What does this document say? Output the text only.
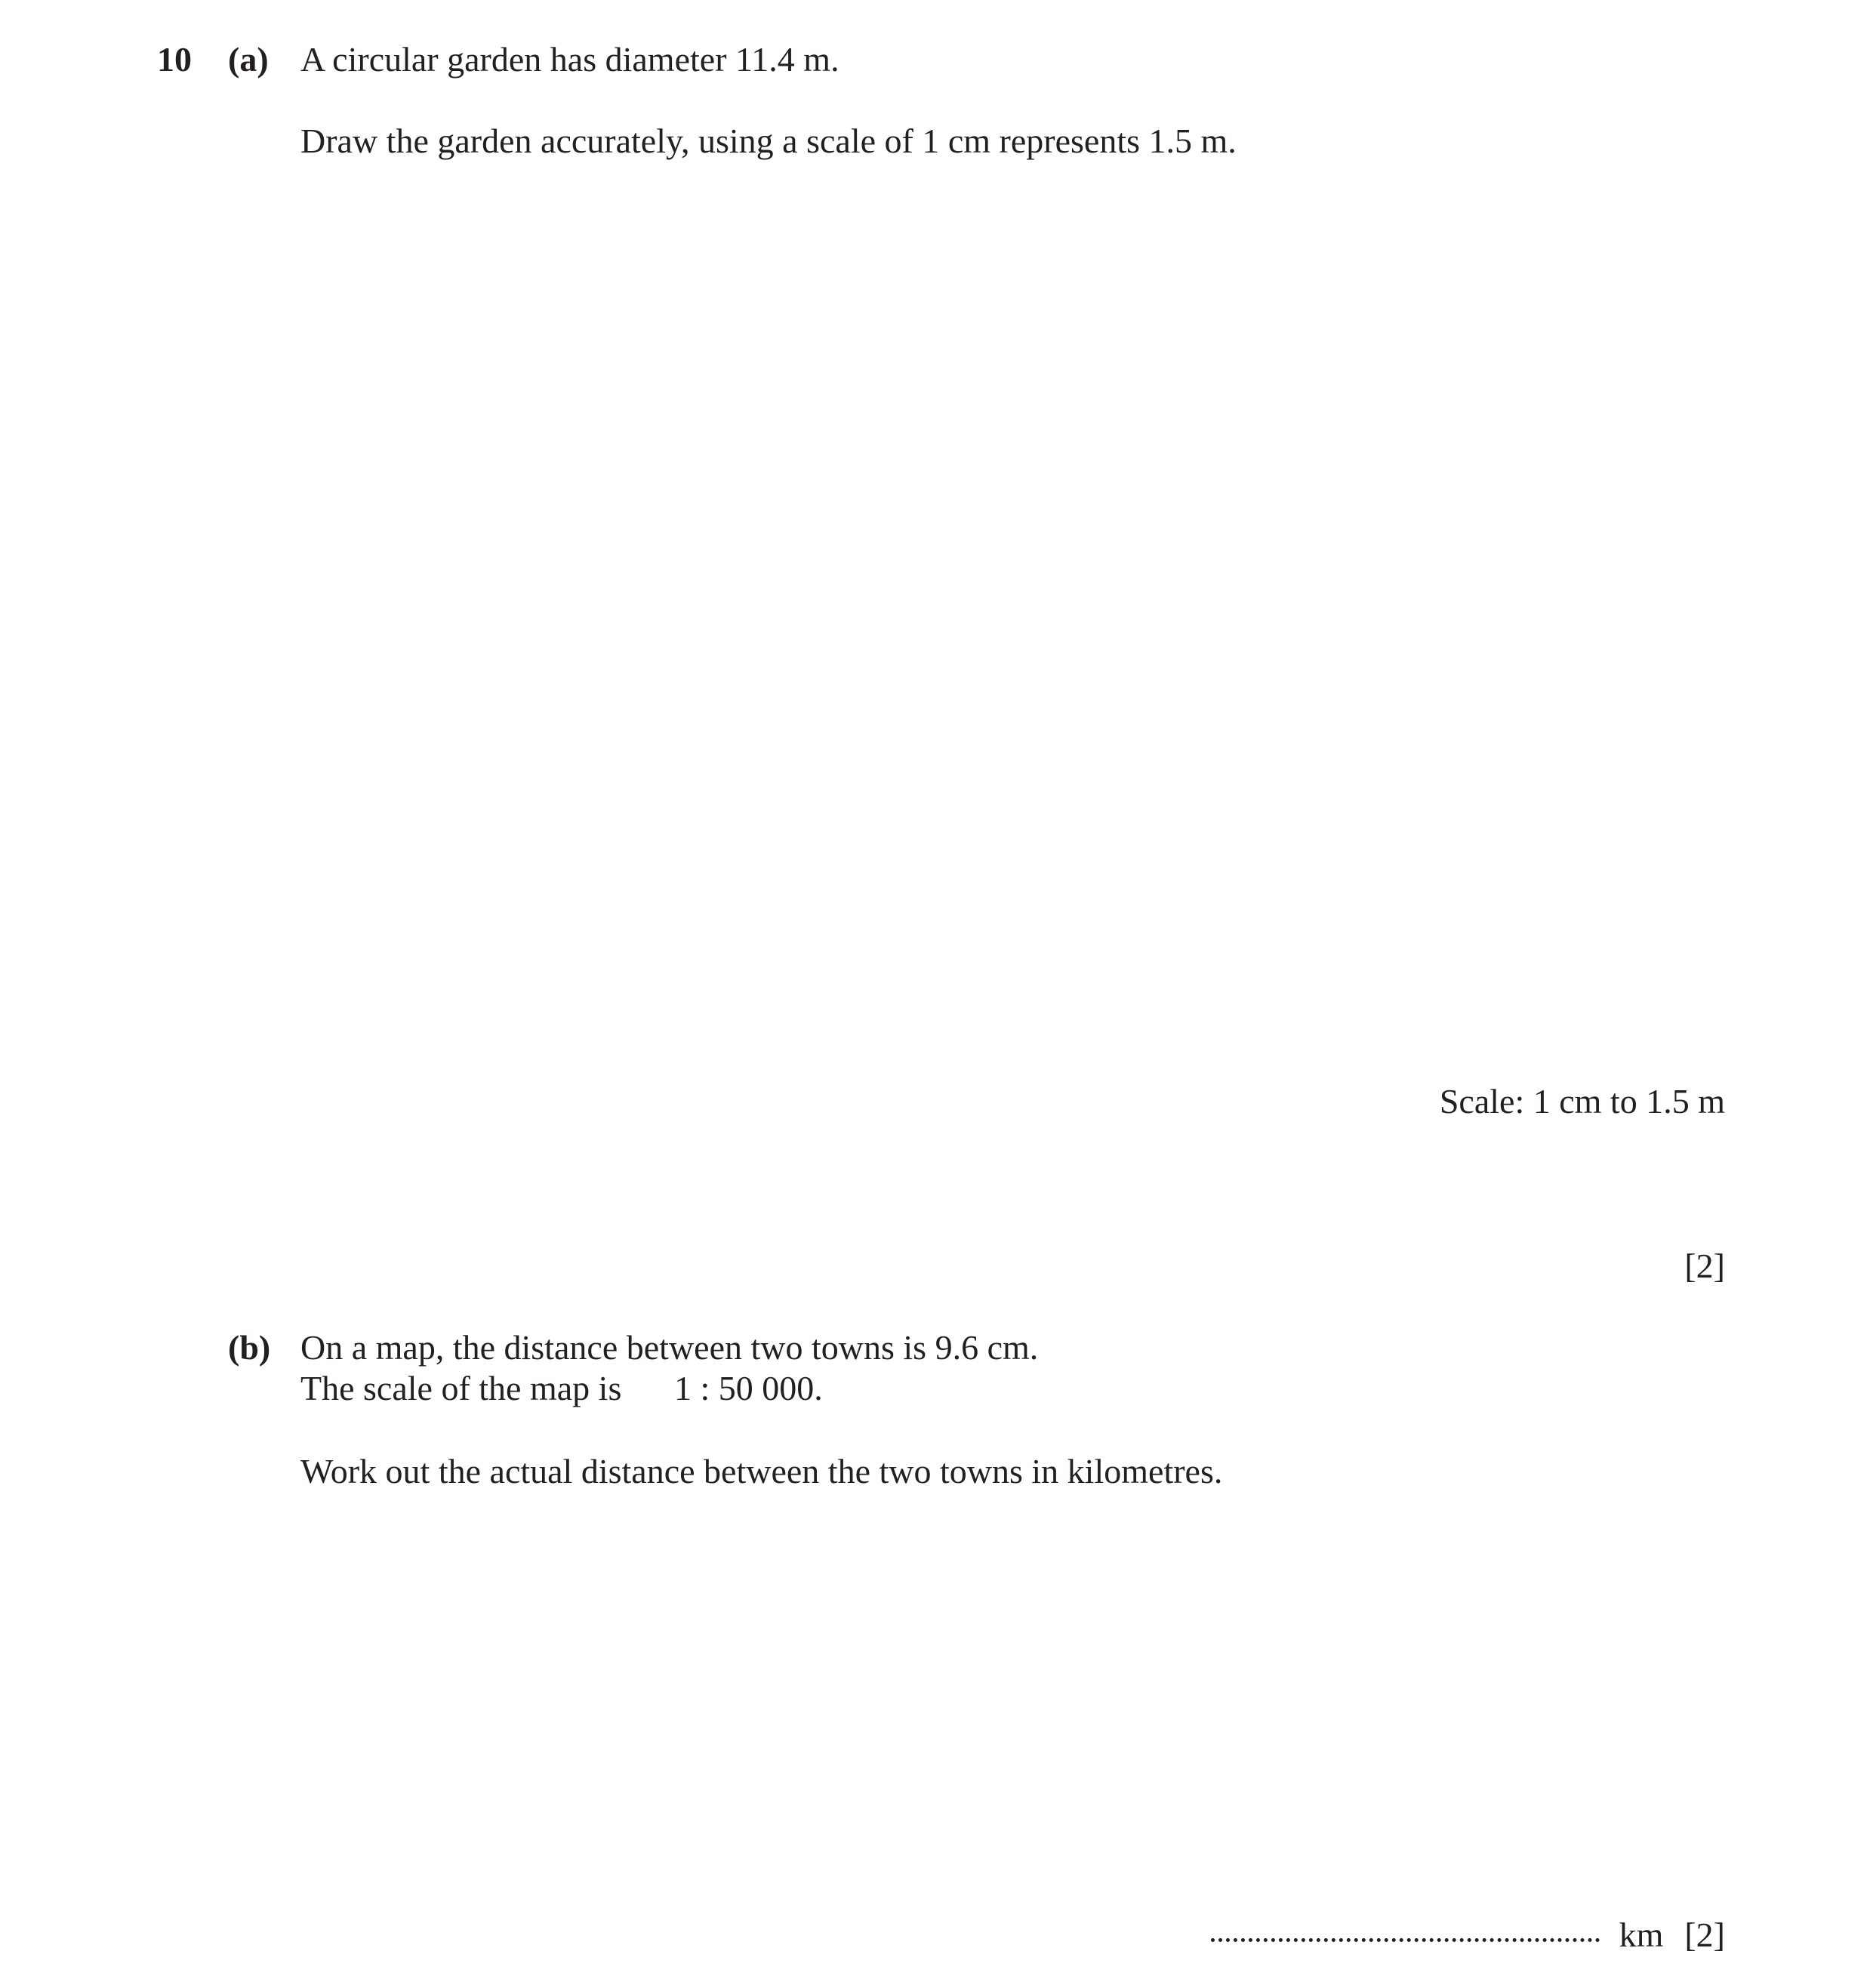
10 (a) A circular garden has diameter 11.4 m.
Draw the garden accurately, using a scale of 1 cm represents 1.5 m.
Scale: 1 cm to 1.5 m
[2]
(b) On a map, the distance between two towns is 9.6 cm.
The scale of the map is 1 : 50 000.
Work out the actual distance between the two towns in kilometres.
km [2]
